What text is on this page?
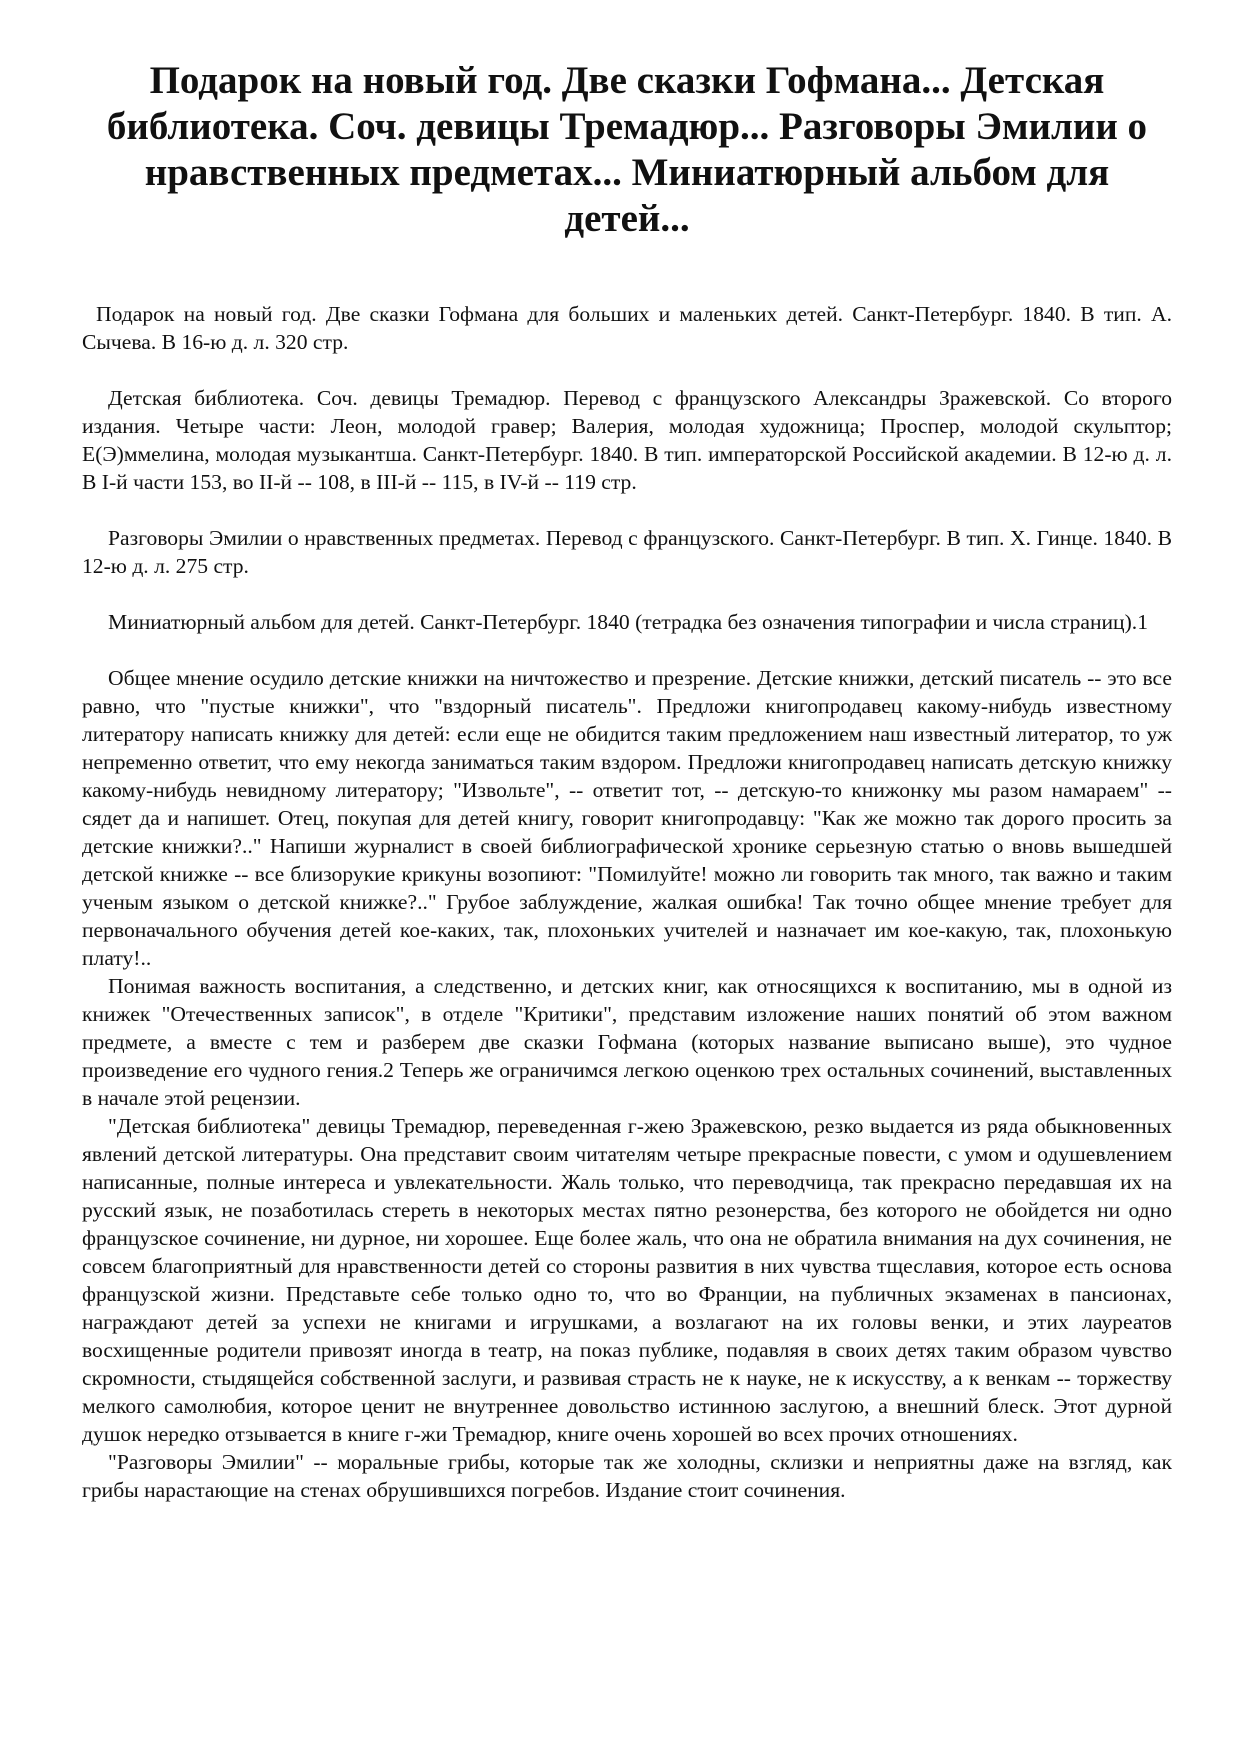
Подарок на новый год. Две сказки Гофмана... Детская библиотека. Соч. девицы Тремадюр... Разговоры Эмилии о нравственных предметах... Миниатюрный альбом для детей...

Подарок на новый год. Две сказки Гофмана для больших и маленьких детей. Санкт-Петербург. 1840. В тип. А. Сычева. В 16-ю д. л. 320 стр.

Детская библиотека. Соч. девицы Тремадюр. Перевод с французского Александры Зражевской. Со второго издания. Четыре части: Леон, молодой гравер; Валерия, молодая художница; Проспер, молодой скульптор; Е(Э)ммелина, молодая музыкантша. Санкт-Петербург. 1840. В тип. императорской Российской академии. В 12-ю д. л. В І-й части 153, во ІІ-й -- 108, в ІІІ-й -- 115, в IV-й -- 119 стр.

Разговоры Эмилии о нравственных предметах. Перевод с французского. Санкт-Петербург. В тип. Х. Гинце. 1840. В 12-ю д. л. 275 стр.

Миниатюрный альбом для детей. Санкт-Петербург. 1840 (тетрадка без означения типографии и числа страниц).1

Общее мнение осудило детские книжки на ничтожество и презрение. Детские книжки, детский писатель -- это все равно, что "пустые книжки", что "вздорный писатель". Предложи книгопродавец какому-нибудь известному литератору написать книжку для детей: если еще не обидится таким предложением наш известный литератор, то уж непременно ответит, что ему некогда заниматься таким вздором. Предложи книгопродавец написать детскую книжку какому-нибудь невидному литератору; "Извольте", -- ответит тот, -- детскую-то книжонку мы разом намараем" -- сядет да и напишет. Отец, покупая для детей книгу, говорит книгопродавцу: "Как же можно так дорого просить за детские книжки?.." Напиши журналист в своей библиографической хронике серьезную статью о вновь вышедшей детской книжке -- все близорукие крикуны возопиют: "Помилуйте! можно ли говорить так много, так важно и таким ученым языком о детской книжке?.." Грубое заблуждение, жалкая ошибка! Так точно общее мнение требует для первоначального обучения детей кое-каких, так, плохоньких учителей и назначает им кое-какую, так, плохонькую плату!..

Понимая важность воспитания, а следственно, и детских книг, как относящихся к воспитанию, мы в одной из книжек "Отечественных записок", в отделе "Критики", представим изложение наших понятий об этом важном предмете, а вместе с тем и разберем две сказки Гофмана (которых название выписано выше), это чудное произведение его чудного гения.2 Теперь же ограничимся легкою оценкою трех остальных сочинений, выставленных в начале этой рецензии.

"Детская библиотека" девицы Тремадюр, переведенная г-жею Зражевскою, резко выдается из ряда обыкновенных явлений детской литературы. Она представит своим читателям четыре прекрасные повести, с умом и одушевлением написанные, полные интереса и увлекательности. Жаль только, что переводчица, так прекрасно передавшая их на русский язык, не позаботилась стереть в некоторых местах пятно резонерства, без которого не обойдется ни одно французское сочинение, ни дурное, ни хорошее. Еще более жаль, что она не обратила внимания на дух сочинения, не совсем благоприятный для нравственности детей со стороны развития в них чувства тщеславия, которое есть основа французской жизни. Представьте себе только одно то, что во Франции, на публичных экзаменах в пансионах, награждают детей за успехи не книгами и игрушками, а возлагают на их головы венки, и этих лауреатов восхищенные родители привозят иногда в театр, на показ публике, подавляя в своих детях таким образом чувство скромности, стыдящейся собственной заслуги, и развивая страсть не к науке, не к искусству, а к венкам -- торжеству мелкого самолюбия, которое ценит не внутреннее довольство истинною заслугою, а внешний блеск. Этот дурной душок нередко отзывается в книге г-жи Тремадюр, книге очень хорошей во всех прочих отношениях.

"Разговоры Эмилии" -- моральные грибы, которые так же холодны, склизки и неприятны даже на взгляд, как грибы нарастающие на стенах обрушившихся погребов. Издание стоит сочинения.
